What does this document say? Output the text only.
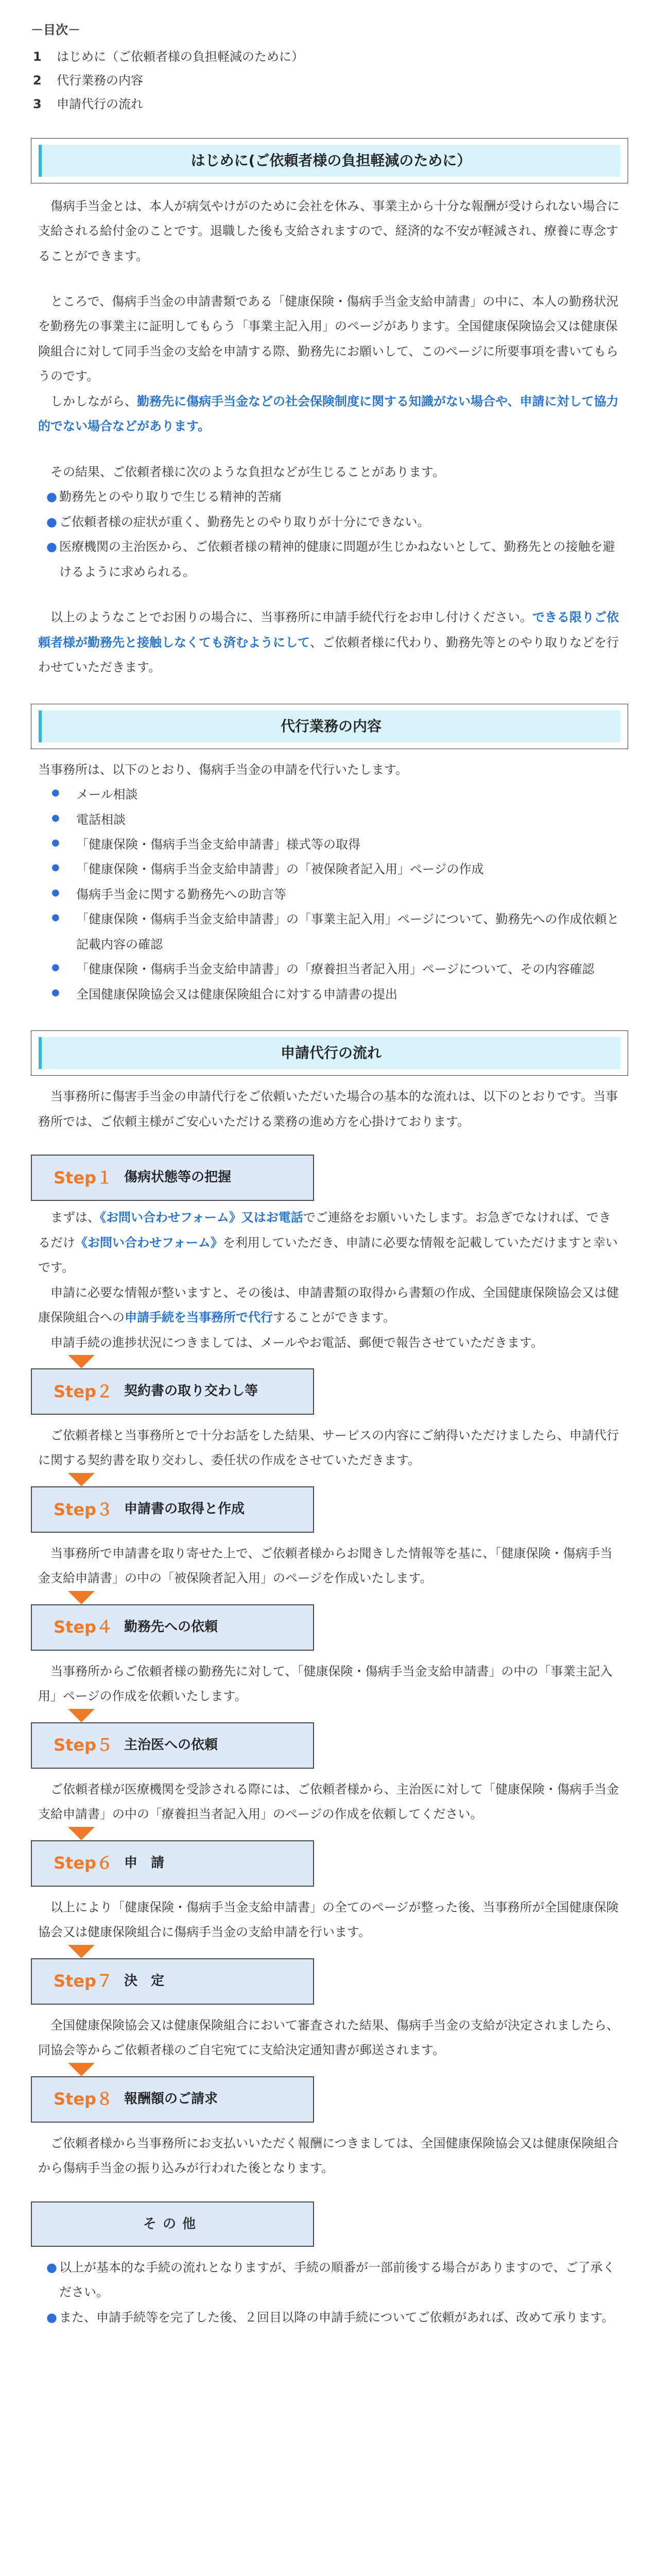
－目次－
1	はじめに（ご依頼者様の負担軽減のために）
2	代行業務の内容
3	申請代行の流れ
はじめに(ご依頼者様の負担軽減のために）

傷病手当金とは、本人が病気やけがのために会社を休み、事業主から十分な報酬が受けられない場合に支給される給付金のことです。退職した後も支給されますので、経済的な不安が軽減され、療養に専念することができます。

ところで、傷病手当金の申請書類である「健康保険・傷病手当金支給申請書」の中に、本人の勤務状況を勤務先の事業主に証明してもらう「事業主記入用」のページがあります。全国健康保険協会又は健康保険組合に対して同手当金の支給を申請する際、勤務先にお願いして、このページに所要事項を書いてもらうのです。

しかしながら、勤務先に傷病手当金などの社会保険制度に関する知識がない場合や、申請に対して協力的でない場合などがあります。

その結果、ご依頼者様に次のような負担などが生じることがあります。

● 勤務先とのやり取りで生じる精神的苦痛
● ご依頼者様の症状が重く、勤務先とのやり取りが十分にできない。
● 医療機関の主治医から、ご依頼者様の精神的健康に問題が生じかねないとして、勤務先との接触を避けるように求められる。

以上のようなことでお困りの場合に、当事務所に申請手続代行をお申し付けください。できる限りご依頼者様が勤務先と接触しなくても済むようにして、ご依頼者様に代わり、勤務先等とのやり取りなどを行わせていただきます。

代行業務の内容

当事務所は、以下のとおり、傷病手当金の申請を代行いたします。

●	メール相談
●	電話相談
●	「健康保険・傷病手当金支給申請書」様式等の取得
●	「健康保険・傷病手当金支給申請書」の「被保険者記入用」ページの作成
●	傷病手当金に関する勤務先への助言等
●	「健康保険・傷病手当金支給申請書」の「事業主記入用」ページについて、勤務先への作成依頼と記載内容の確認
●	「健康保険・傷病手当金支給申請書」の「療養担当者記入用」ページについて、その内容確認
●	全国健康保険協会又は健康保険組合に対する申請書の提出
申請代行の流れ

当事務所に傷害手当金の申請代行をご依頼いただいた場合の基本的な流れは、以下のとおりです。当事務所では、ご依頼主様がご安心いただける業務の進め方を心掛けております。

Step１ 傷病状態等の把握

まずは、《お問い合わせフォーム》又はお電話でご連絡をお願いいたします。お急ぎでなければ、できるだけ《お問い合わせフォーム》を利用していただき、申請に必要な情報を記載していただけますと幸いです。

申請に必要な情報が整いますと、その後は、申請書類の取得から書類の作成、全国健康保険協会又は健康保険組合への申請手続を当事務所で代行することができます。

申請手続の進捗状況につきましては、メールやお電話、郵便で報告させていただきます。

Step２ 契約書の取り交わし等

ご依頼者様と当事務所とで十分お話をした結果、サービスの内容にご納得いただけましたら、申請代行に関する契約書を取り交わし、委任状の作成をさせていただきます。

Step３ 申請書の取得と作成

当事務所で申請書を取り寄せた上で、ご依頼者様からお聞きした情報等を基に、「健康保険・傷病手当金支給申請書」の中の「被保険者記入用」のページを作成いたします。

Step４ 勤務先への依頼

当事務所からご依頼者様の勤務先に対して、「健康保険・傷病手当金支給申請書」の中の「事業主記入用」ページの作成を依頼いたします。

Step５ 主治医への依頼

ご依頼者様が医療機関を受診される際には、ご依頼者様から、主治医に対して「健康保険・傷病手当金支給申請書」の中の「療養担当者記入用」のページの作成を依頼してください。

Step６ 申　請

以上により「健康保険・傷病手当金支給申請書」の全てのページが整った後、当事務所が全国健康保険協会又は健康保険組合に傷病手当金の支給申請を行います。

Step７ 決　定

全国健康保険協会又は健康保険組合において審査された結果、傷病手当金の支給が決定されましたら、同協会等からご依頼者様のご自宅宛てに支給決定通知書が郵送されます。

Step８ 報酬額のご請求

ご依頼者様から当事務所にお支払いいただく報酬につきましては、全国健康保険協会又は健康保険組合から傷病手当金の振り込みが行われた後となります。

その他
● 以上が基本的な手続の流れとなりますが、手続の順番が一部前後する場合がありますので、ご了承ください。
● また、申請手続等を完了した後、２回目以降の申請手続についてご依頼があれば、改めて承ります。
